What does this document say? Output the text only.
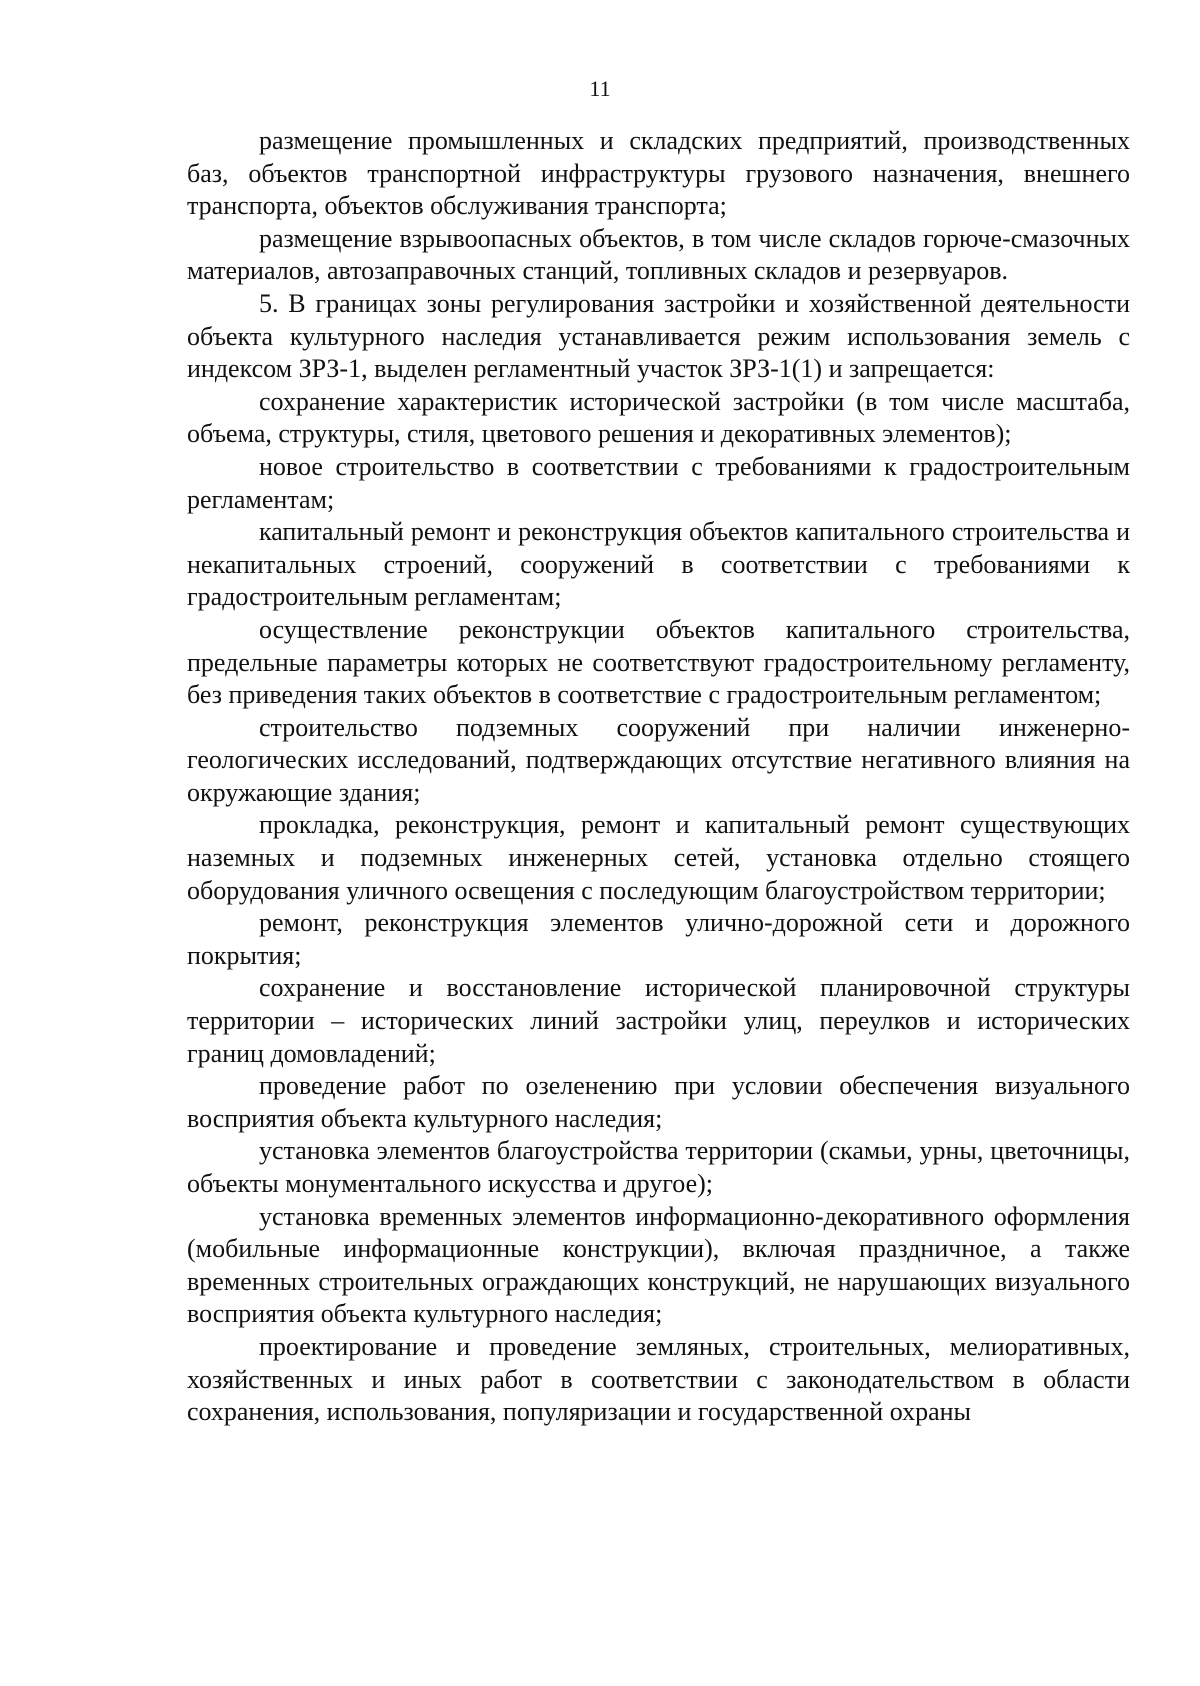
11

размещение промышленных и складских предприятий, производственных баз, объектов транспортной инфраструктуры грузового назначения, внешнего транспорта, объектов обслуживания транспорта;

размещение взрывоопасных объектов, в том числе складов горюче-смазочных материалов, автозаправочных станций, топливных складов и резервуаров.

5. В границах зоны регулирования застройки и хозяйственной деятельности объекта культурного наследия устанавливается режим использования земель с индексом ЗРЗ-1, выделен регламентный участок ЗРЗ-1(1) и запрещается:

сохранение характеристик исторической застройки (в том числе масштаба, объема, структуры, стиля, цветового решения и декоративных элементов);

новое строительство в соответствии с требованиями к градостроительным регламентам;

капитальный ремонт и реконструкция объектов капитального строительства и некапитальных строений, сооружений в соответствии с требованиями к градостроительным регламентам;

осуществление реконструкции объектов капитального строительства, предельные параметры которых не соответствуют градостроительному регламенту, без приведения таких объектов в соответствие с градостроительным регламентом;

строительство подземных сооружений при наличии инженерно-геологических исследований, подтверждающих отсутствие негативного влияния на окружающие здания;

прокладка, реконструкция, ремонт и капитальный ремонт существующих наземных и подземных инженерных сетей, установка отдельно стоящего оборудования уличного освещения с последующим благоустройством территории;

ремонт, реконструкция элементов улично-дорожной сети и дорожного покрытия;

сохранение и восстановление исторической планировочной структуры территории – исторических линий застройки улиц, переулков и исторических границ домовладений;

проведение работ по озеленению при условии обеспечения визуального восприятия объекта культурного наследия;

установка элементов благоустройства территории (скамьи, урны, цветочницы, объекты монументального искусства и другое);

установка временных элементов информационно-декоративного оформления (мобильные информационные конструкции), включая праздничное, а также временных строительных ограждающих конструкций, не нарушающих визуального восприятия объекта культурного наследия;

проектирование и проведение земляных, строительных, мелиоративных, хозяйственных и иных работ в соответствии с законодательством в области сохранения, использования, популяризации и государственной охраны
